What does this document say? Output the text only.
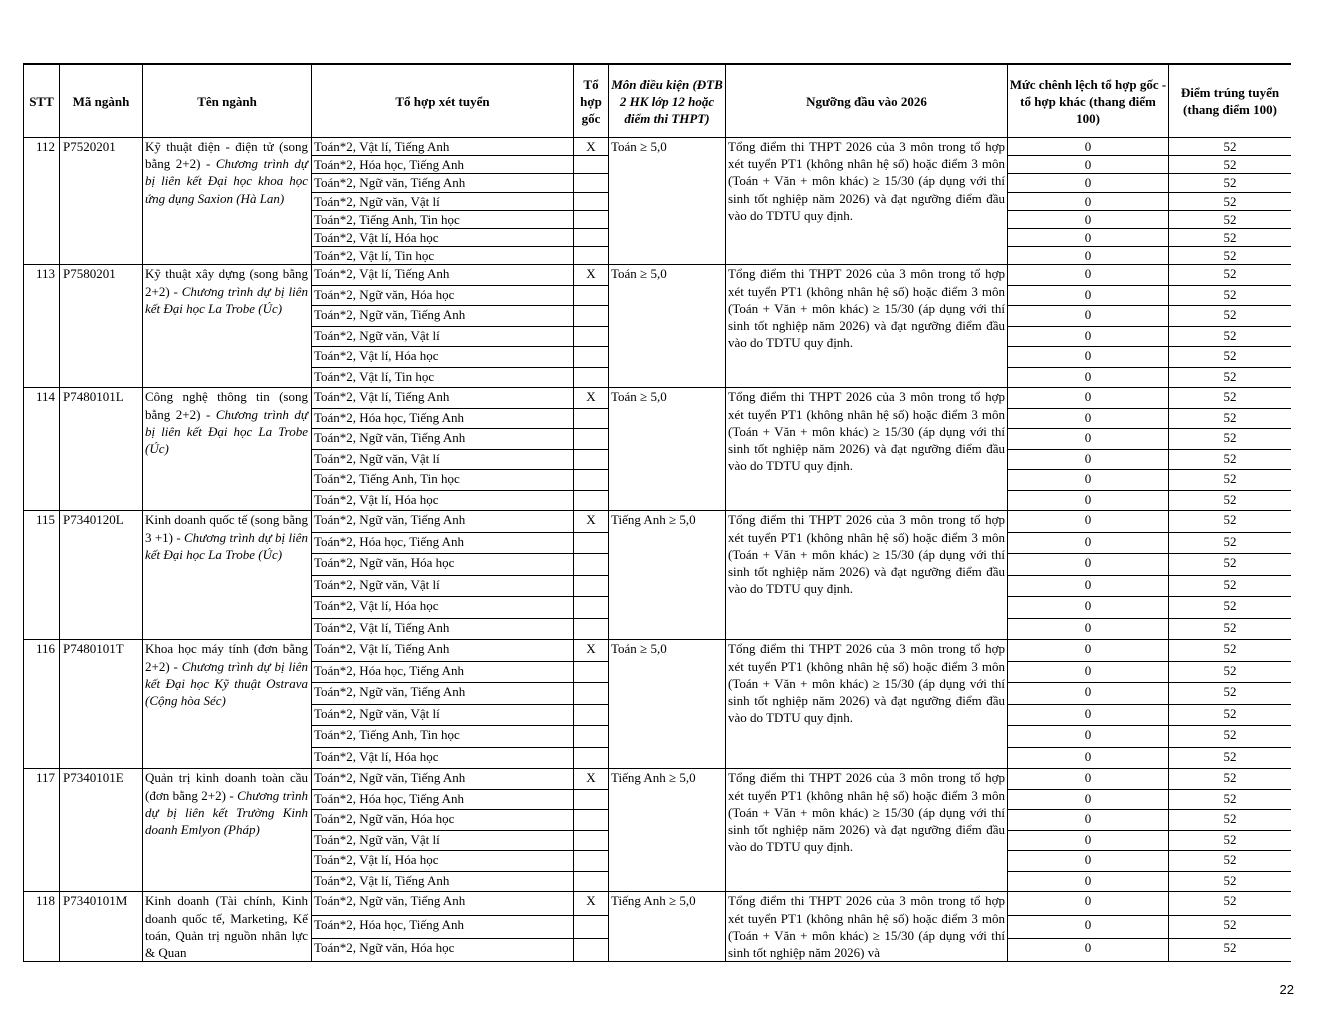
STT	Mã ngành	Tên ngành	Tổ hợp xét tuyển	Tổ hợp gốc	Môn điều kiện (ĐTB 2 HK lớp 12 hoặc điểm thi THPT)	Ngưỡng đầu vào 2026	Mức chênh lệch tổ hợp gốc - tổ hợp khác (thang điểm 100)	Điểm trúng tuyển (thang điểm 100)
112	P7520201	Kỹ thuật điện - điện tử (song bằng 2+2) - Chương trình dự bị liên kết Đại học khoa học ứng dụng Saxion (Hà Lan)	Toán*2, Vật lí, Tiếng Anh	X	Toán ≥ 5,0	Tổng điểm thi THPT 2026 của 3 môn trong tổ hợp xét tuyển PT1 (không nhân hệ số) hoặc điểm 3 môn (Toán + Văn + môn khác) ≥ 15/30 (áp dụng với thí sinh tốt nghiệp năm 2026) và đạt ngưỡng điểm đầu vào do TDTU quy định.	0	52
			Toán*2, Hóa học, Tiếng Anh				0	52
			Toán*2, Ngữ văn, Tiếng Anh				0	52
			Toán*2, Ngữ văn, Vật lí				0	52
			Toán*2, Tiếng Anh, Tin học				0	52
			Toán*2, Vật lí, Hóa học				0	52
			Toán*2, Vật lí, Tin học				0	52
113	P7580201	Kỹ thuật xây dựng (song bằng 2+2) - Chương trình dự bị liên kết Đại học La Trobe (Úc)	Toán*2, Vật lí, Tiếng Anh	X	Toán ≥ 5,0	Tổng điểm thi THPT 2026 của 3 môn trong tổ hợp xét tuyển PT1 (không nhân hệ số) hoặc điểm 3 môn (Toán + Văn + môn khác) ≥ 15/30 (áp dụng với thí sinh tốt nghiệp năm 2026) và đạt ngưỡng điểm đầu vào do TDTU quy định.	0	52
			Toán*2, Ngữ văn, Hóa học				0	52
			Toán*2, Ngữ văn, Tiếng Anh				0	52
			Toán*2, Ngữ văn, Vật lí				0	52
			Toán*2, Vật lí, Hóa học				0	52
			Toán*2, Vật lí, Tin học				0	52
114	P7480101L	Công nghệ thông tin (song bằng 2+2) - Chương trình dự bị liên kết Đại học La Trobe (Úc)	Toán*2, Vật lí, Tiếng Anh	X	Toán ≥ 5,0	Tổng điểm thi THPT 2026 của 3 môn trong tổ hợp xét tuyển PT1 (không nhân hệ số) hoặc điểm 3 môn (Toán + Văn + môn khác) ≥ 15/30 (áp dụng với thí sinh tốt nghiệp năm 2026) và đạt ngưỡng điểm đầu vào do TDTU quy định.	0	52
			Toán*2, Hóa học, Tiếng Anh				0	52
			Toán*2, Ngữ văn, Tiếng Anh				0	52
			Toán*2, Ngữ văn, Vật lí				0	52
			Toán*2, Tiếng Anh, Tin học				0	52
			Toán*2, Vật lí, Hóa học				0	52
115	P7340120L	Kinh doanh quốc tế (song bằng 3 +1) - Chương trình dự bị liên kết Đại học La Trobe (Úc)	Toán*2, Ngữ văn, Tiếng Anh	X	Tiếng Anh ≥ 5,0	Tổng điểm thi THPT 2026 của 3 môn trong tổ hợp xét tuyển PT1 (không nhân hệ số) hoặc điểm 3 môn (Toán + Văn + môn khác) ≥ 15/30 (áp dụng với thí sinh tốt nghiệp năm 2026) và đạt ngưỡng điểm đầu vào do TDTU quy định.	0	52
			Toán*2, Hóa học, Tiếng Anh				0	52
			Toán*2, Ngữ văn, Hóa học				0	52
			Toán*2, Ngữ văn, Vật lí				0	52
			Toán*2, Vật lí, Hóa học				0	52
			Toán*2, Vật lí, Tiếng Anh				0	52
116	P7480101T	Khoa học máy tính (đơn bằng 2+2) - Chương trình dự bị liên kết Đại học Kỹ thuật Ostrava (Cộng hòa Séc)	Toán*2, Vật lí, Tiếng Anh	X	Toán ≥ 5,0	Tổng điểm thi THPT 2026 của 3 môn trong tổ hợp xét tuyển PT1 (không nhân hệ số) hoặc điểm 3 môn (Toán + Văn + môn khác) ≥ 15/30 (áp dụng với thí sinh tốt nghiệp năm 2026) và đạt ngưỡng điểm đầu vào do TDTU quy định.	0	52
			Toán*2, Hóa học, Tiếng Anh				0	52
			Toán*2, Ngữ văn, Tiếng Anh				0	52
			Toán*2, Ngữ văn, Vật lí				0	52
			Toán*2, Tiếng Anh, Tin học				0	52
			Toán*2, Vật lí, Hóa học				0	52
117	P7340101E	Quản trị kinh doanh toàn cầu (đơn bằng 2+2) - Chương trình dự bị liên kết Trường Kinh doanh Emlyon (Pháp)	Toán*2, Ngữ văn, Tiếng Anh	X	Tiếng Anh ≥ 5,0	Tổng điểm thi THPT 2026 của 3 môn trong tổ hợp xét tuyển PT1 (không nhân hệ số) hoặc điểm 3 môn (Toán + Văn + môn khác) ≥ 15/30 (áp dụng với thí sinh tốt nghiệp năm 2026) và đạt ngưỡng điểm đầu vào do TDTU quy định.	0	52
			Toán*2, Hóa học, Tiếng Anh				0	52
			Toán*2, Ngữ văn, Hóa học				0	52
			Toán*2, Ngữ văn, Vật lí				0	52
			Toán*2, Vật lí, Hóa học				0	52
			Toán*2, Vật lí, Tiếng Anh				0	52
118	P7340101M	Kinh doanh (Tài chính, Kinh doanh quốc tế, Marketing, Kế toán, Quản trị nguồn nhân lực & Quan	Toán*2, Ngữ văn, Tiếng Anh	X	Tiếng Anh ≥ 5,0	Tổng điểm thi THPT 2026 của 3 môn trong tổ hợp xét tuyển PT1 (không nhân hệ số) hoặc điểm 3 môn (Toán + Văn + môn khác) ≥ 15/30 (áp dụng với thí sinh tốt nghiệp năm 2026) và	0	52
			Toán*2, Hóa học, Tiếng Anh				0	52
			Toán*2, Ngữ văn, Hóa học				0	52
22
